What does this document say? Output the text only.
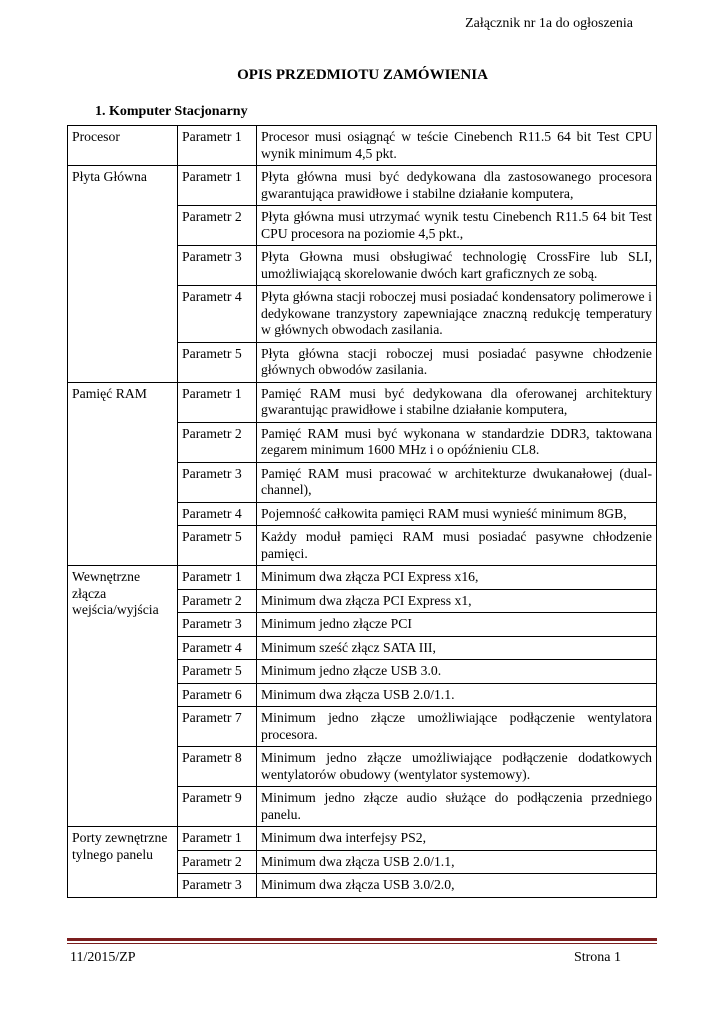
Załącznik nr 1a do ogłoszenia
OPIS PRZEDMIOTU ZAMÓWIENIA
1. Komputer Stacjonarny
Procesor	Parametr 1	Procesor musi osiągnąć w teście Cinebench R11.5 64 bit Test CPU wynik minimum 4,5 pkt.
Płyta Główna	Parametr 1	Płyta główna musi być dedykowana dla zastosowanego procesora gwarantująca prawidłowe i stabilne działanie komputera,
	Parametr 2	Płyta główna musi utrzymać wynik testu Cinebench R11.5 64 bit Test CPU procesora na poziomie 4,5 pkt.,
	Parametr 3	Płyta Głowna musi obsługiwać technologię CrossFire lub SLI, umożliwiającą skorelowanie dwóch kart graficznych ze sobą.
	Parametr 4	Płyta główna stacji roboczej musi posiadać kondensatory polimerowe i dedykowane tranzystory zapewniające znaczną redukcję temperatury w głównych obwodach zasilania.
	Parametr 5	Płyta główna stacji roboczej musi posiadać pasywne chłodzenie głównych obwodów zasilania.
Pamięć RAM	Parametr 1	Pamięć RAM musi być dedykowana dla oferowanej architektury gwarantując prawidłowe i stabilne działanie komputera,
	Parametr 2	Pamięć RAM musi być wykonana w standardzie DDR3, taktowana zegarem minimum 1600 MHz i o opóźnieniu CL8.
	Parametr 3	Pamięć RAM musi pracować w architekturze dwukanałowej (dual-channel),
	Parametr 4	Pojemność całkowita pamięci RAM musi wynieść minimum 8GB,
	Parametr 5	Każdy moduł pamięci RAM musi posiadać pasywne chłodzenie pamięci.
Wewnętrzne złącza wejścia/wyjścia	Parametr 1	Minimum dwa złącza PCI Express x16,
	Parametr 2	Minimum dwa złącza PCI Express x1,
	Parametr 3	Minimum jedno złącze PCI
	Parametr 4	Minimum sześć złącz SATA III,
	Parametr 5	Minimum jedno złącze USB 3.0.
	Parametr 6	Minimum dwa złącza USB 2.0/1.1.
	Parametr 7	Minimum jedno złącze umożliwiające podłączenie wentylatora procesora.
	Parametr 8	Minimum jedno złącze umożliwiające podłączenie dodatkowych wentylatorów obudowy (wentylator systemowy).
	Parametr 9	Minimum jedno złącze audio służące do podłączenia przedniego panelu.
Porty zewnętrzne tylnego panelu	Parametr 1	Minimum dwa interfejsy PS2,
	Parametr 2	Minimum dwa złącza USB 2.0/1.1,
	Parametr 3	Minimum dwa złącza USB 3.0/2.0,
11/2015/ZP	Strona 1
